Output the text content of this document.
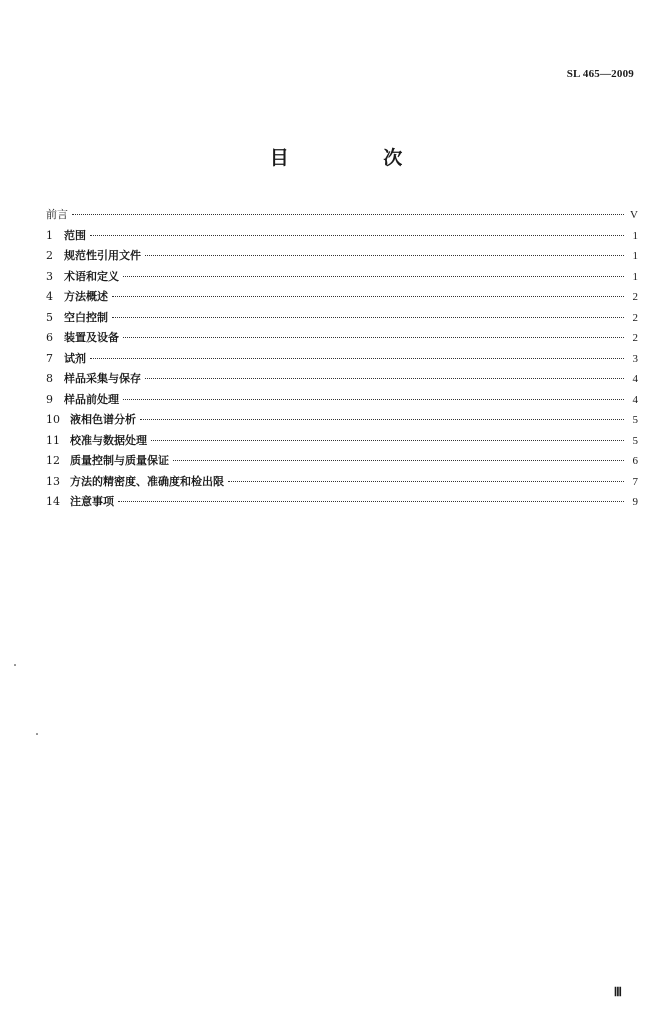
SL 465—2009
目 次
前言	V
1	范围	1
2	规范性引用文件	1
3	术语和定义	1
4	方法概述	2
5	空白控制	2
6	装置及设备	2
7	试剂	3
8	样品采集与保存	4
9	样品前处理	4
10 液相色谱分析	5
11 校准与数据处理	5
12 质量控制与质量保证	6
13 方法的精密度、准确度和检出限	7
14 注意事项	9
Ⅲ
